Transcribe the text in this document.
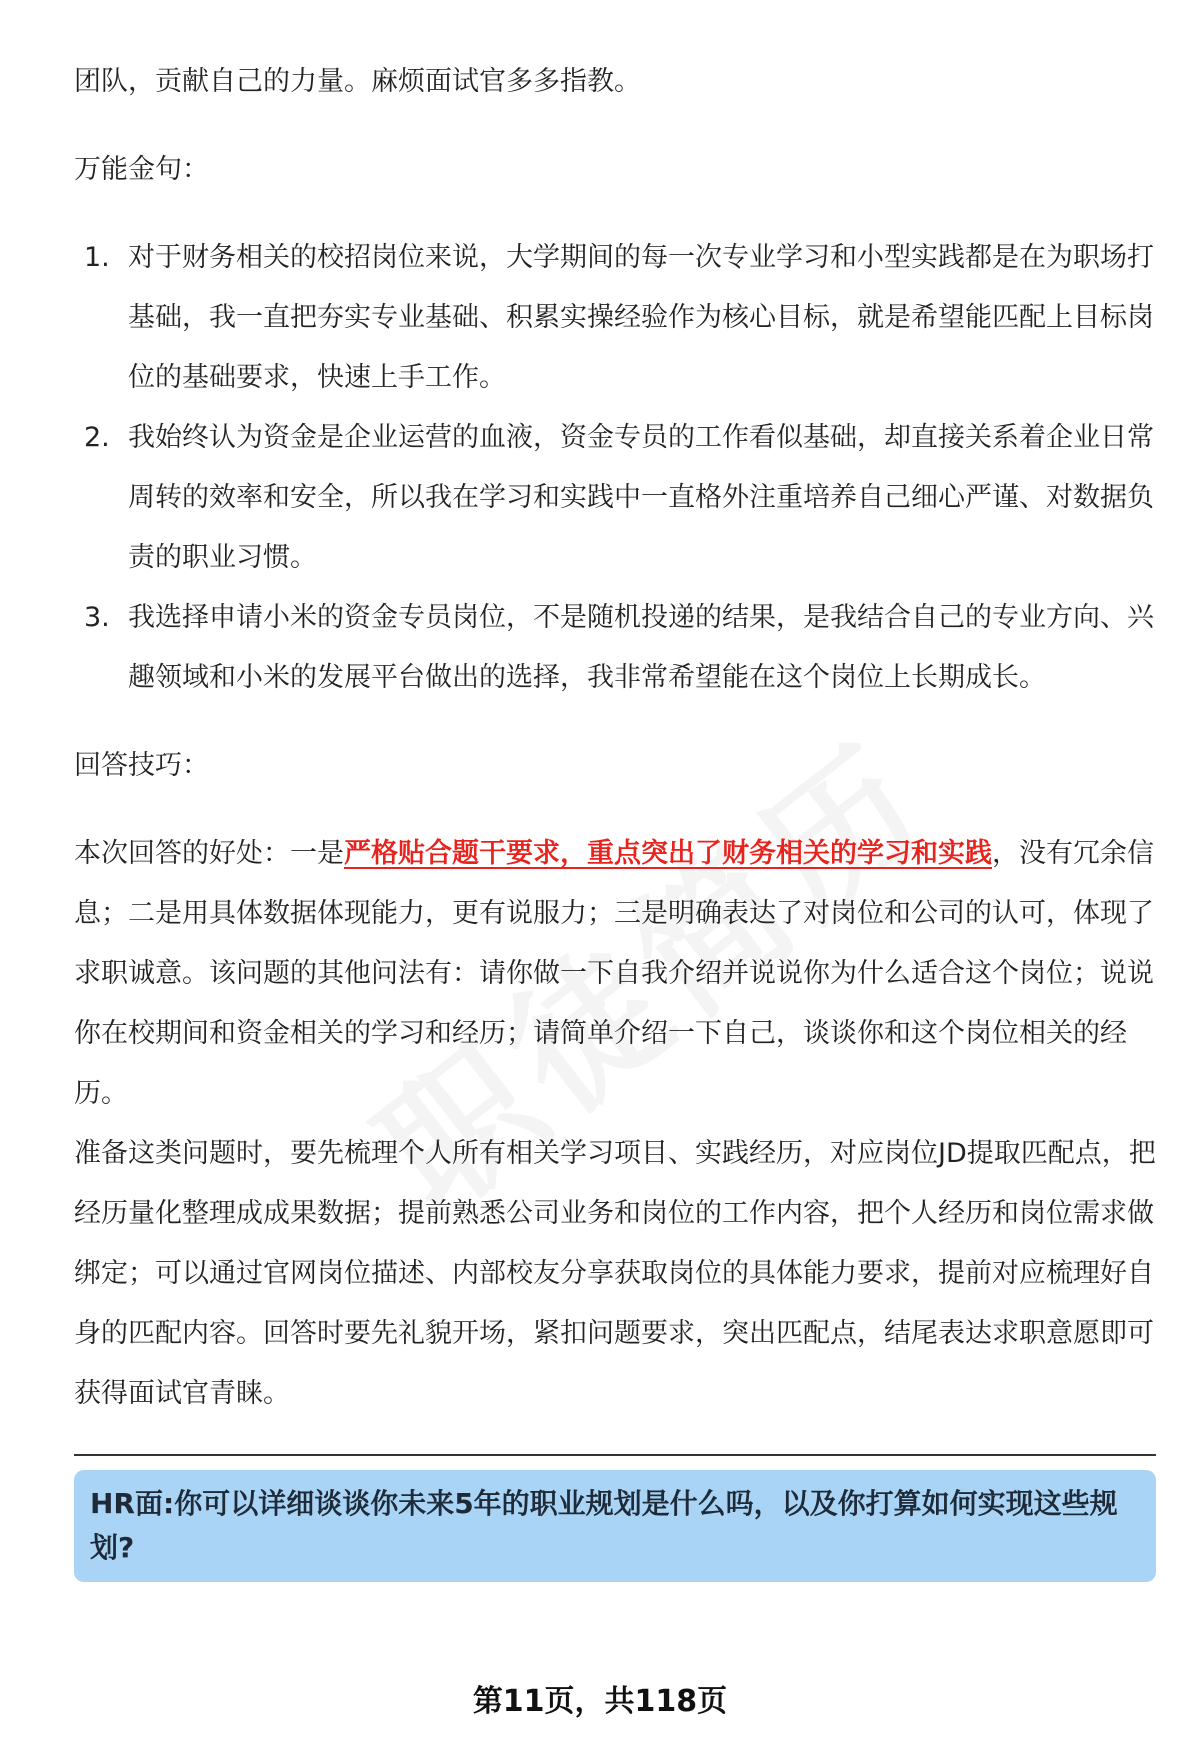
团队，贡献自己的力量。麻烦面试官多多指教。

万能金句：

1. 对于财务相关的校招岗位来说，大学期间的每一次专业学习和小型实践都是在为职场打基础，我一直把夯实专业基础、积累实操经验作为核心目标，就是希望能匹配上目标岗位的基础要求，快速上手工作。
2. 我始终认为资金是企业运营的血液，资金专员的工作看似基础，却直接关系着企业日常周转的效率和安全，所以我在学习和实践中一直格外注重培养自己细心严谨、对数据负责的职业习惯。
3. 我选择申请小米的资金专员岗位，不是随机投递的结果，是我结合自己的专业方向、兴趣领域和小米的发展平台做出的选择，我非常希望能在这个岗位上长期成长。

回答技巧：

本次回答的好处：一是严格贴合题干要求，重点突出了财务相关的学习和实践，没有冗余信息；二是用具体数据体现能力，更有说服力；三是明确表达了对岗位和公司的认可，体现了求职诚意。该问题的其他问法有：请你做一下自我介绍并说说你为什么适合这个岗位；说说你在校期间和资金相关的学习和经历；请简单介绍一下自己，谈谈你和这个岗位相关的经历。

准备这类问题时，要先梳理个人所有相关学习项目、实践经历，对应岗位JD提取匹配点，把经历量化整理成成果数据；提前熟悉公司业务和岗位的工作内容，把个人经历和岗位需求做绑定；可以通过官网岗位描述、内部校友分享获取岗位的具体能力要求，提前对应梳理好自身的匹配内容。回答时要先礼貌开场，紧扣问题要求，突出匹配点，结尾表达求职意愿即可获得面试官青睐。

HR面:你可以详细谈谈你未来5年的职业规划是什么吗，以及你打算如何实现这些规划?

第11页，共118页
